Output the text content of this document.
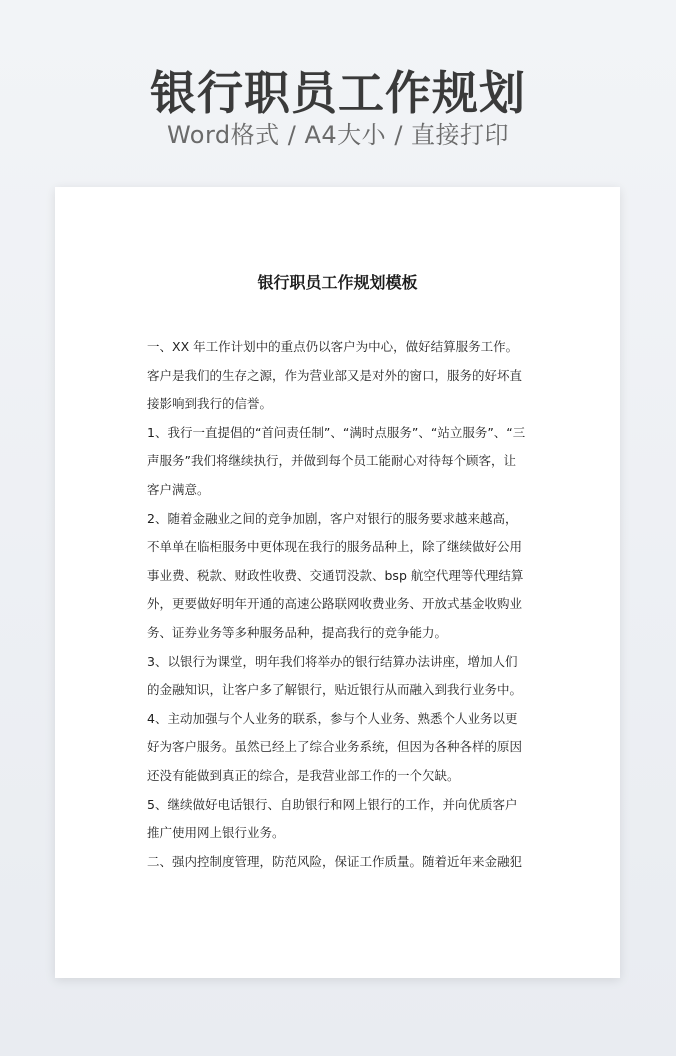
银行职员工作规划
Word格式 / A4大小 / 直接打印
银行职员工作规划模板
一、XX 年工作计划中的重点仍以客户为中心，做好结算服务工作。
客户是我们的生存之源，作为营业部又是对外的窗口，服务的好坏直
接影响到我行的信誉。
1、我行一直提倡的“首问责任制”、“满时点服务”、“站立服务”、“三
声服务”我们将继续执行，并做到每个员工能耐心对待每个顾客，让
客户满意。
2、随着金融业之间的竞争加剧，客户对银行的服务要求越来越高，
不单单在临柜服务中更体现在我行的服务品种上，除了继续做好公用
事业费、税款、财政性收费、交通罚没款、bsp 航空代理等代理结算
外，更要做好明年开通的高速公路联网收费业务、开放式基金收购业
务、证券业务等多种服务品种，提高我行的竞争能力。
3、以银行为课堂，明年我们将举办的银行结算办法讲座，增加人们
的金融知识，让客户多了解银行，贴近银行从而融入到我行业务中。
4、主动加强与个人业务的联系，参与个人业务、熟悉个人业务以更
好为客户服务。虽然已经上了综合业务系统，但因为各种各样的原因
还没有能做到真正的综合，是我营业部工作的一个欠缺。
5、继续做好电话银行、自助银行和网上银行的工作，并向优质客户
推广使用网上银行业务。
二、强内控制度管理，防范风险，保证工作质量。随着近年来金融犯
